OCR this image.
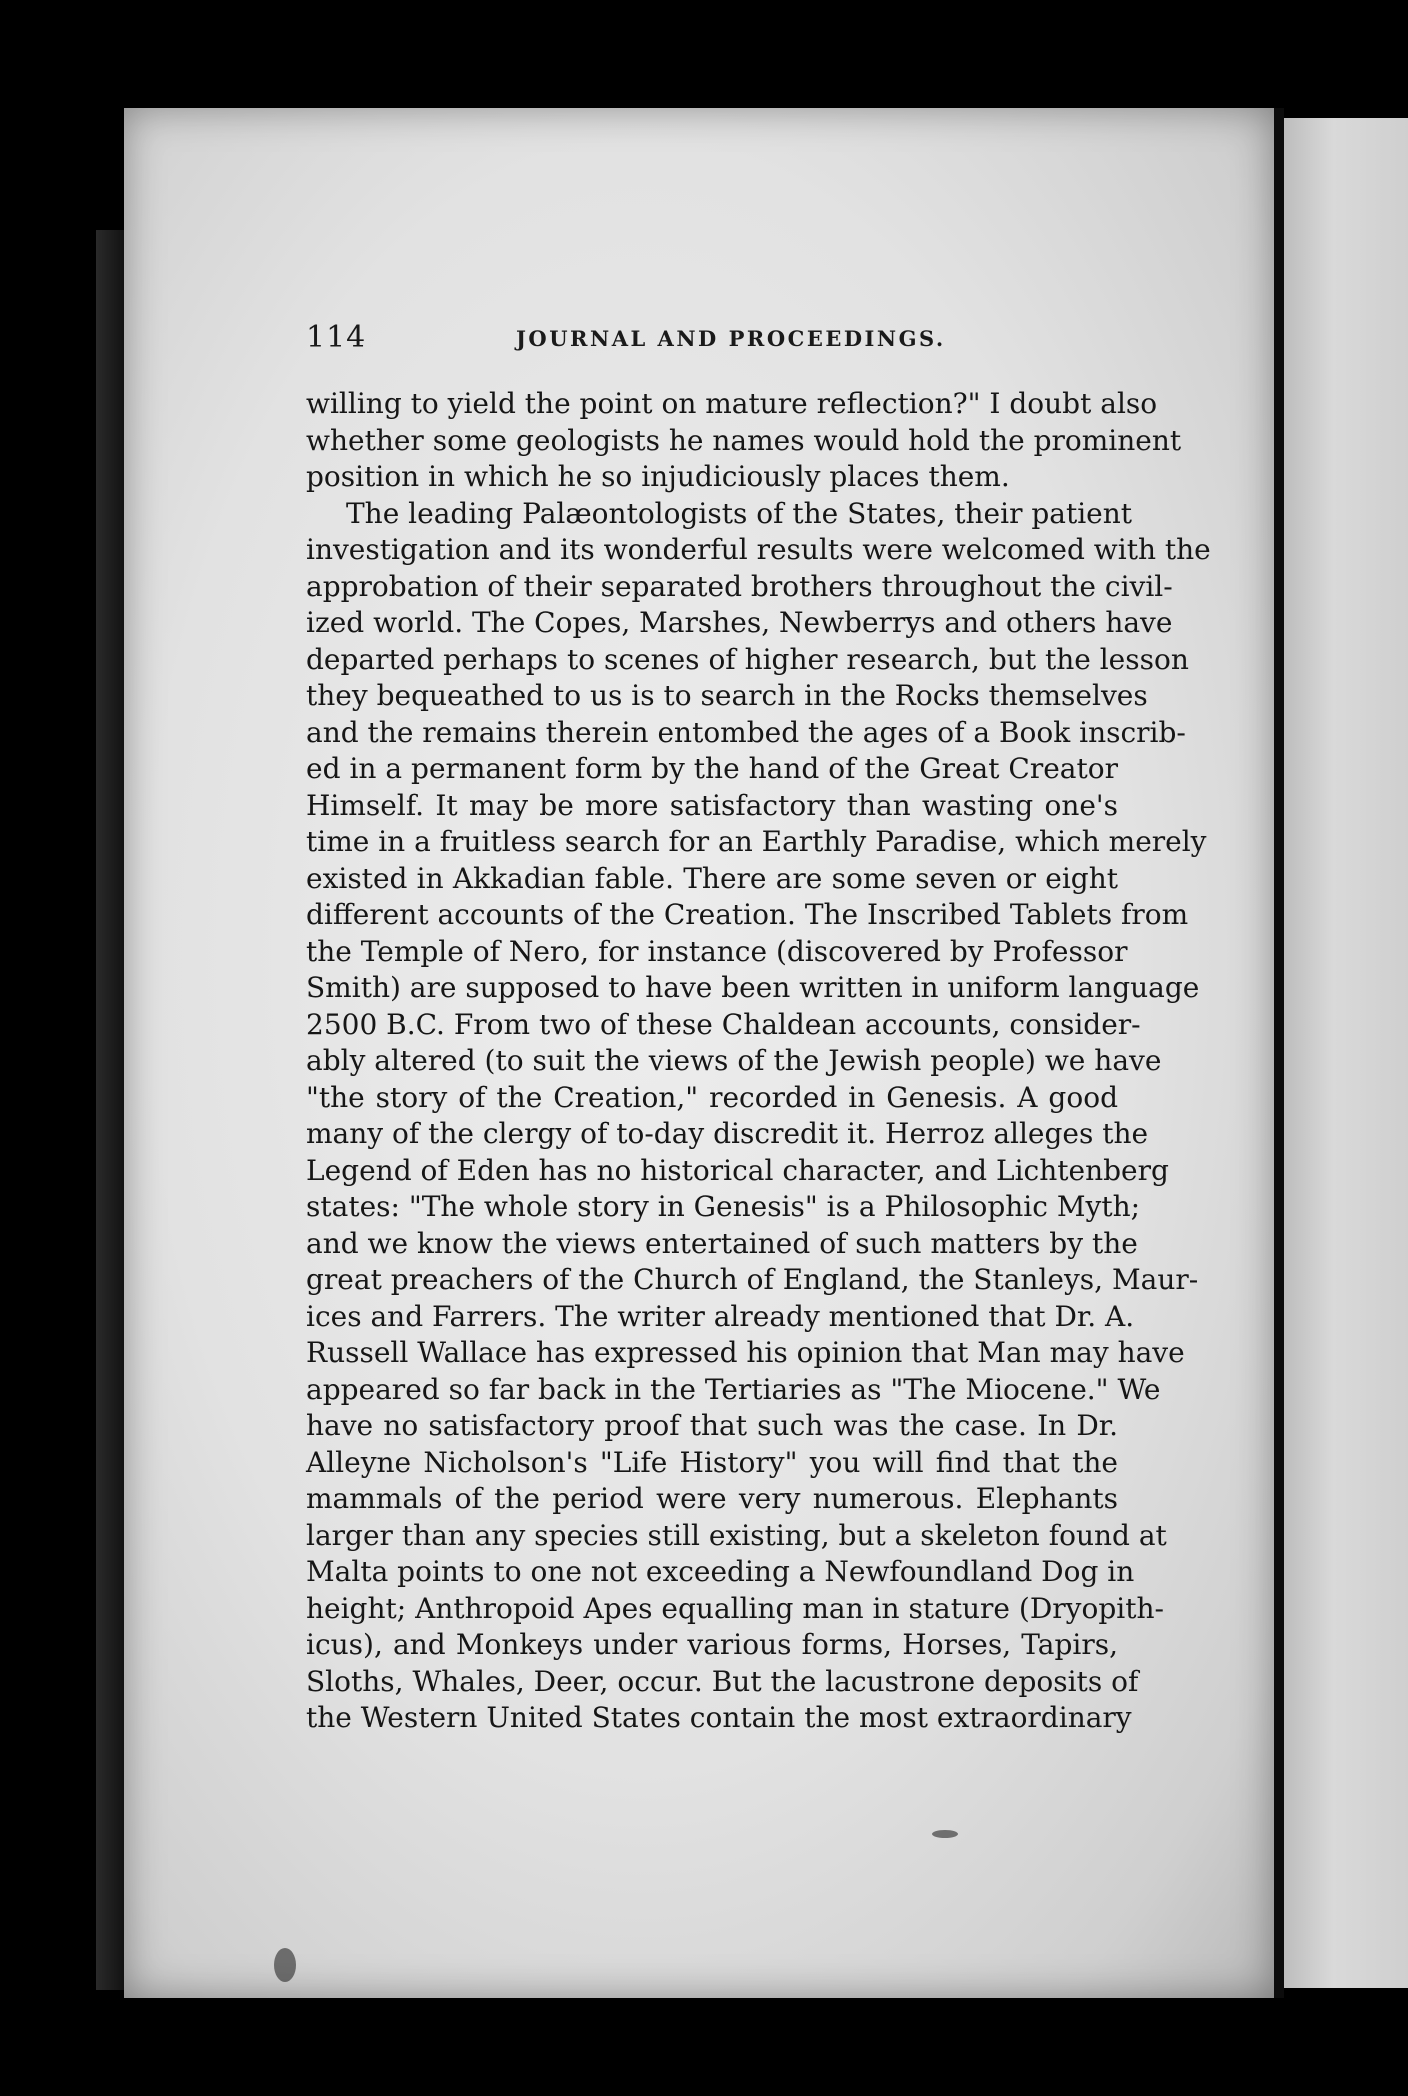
114	JOURNAL AND PROCEEDINGS.
willing to yield the point on mature reflection?" I doubt also
whether some geologists he names would hold the prominent
position in which he so injudiciously places them.
The leading Palæontologists of the States, their patient
investigation and its wonderful results were welcomed with the
approbation of their separated brothers throughout the civil-
ized world. The Copes, Marshes, Newberrys and others have
departed perhaps to scenes of higher research, but the lesson
they bequeathed to us is to search in the Rocks themselves
and the remains therein entombed the ages of a Book inscrib-
ed in a permanent form by the hand of the Great Creator
Himself. It may be more satisfactory than wasting one's
time in a fruitless search for an Earthly Paradise, which merely
existed in Akkadian fable. There are some seven or eight
different accounts of the Creation. The Inscribed Tablets from
the Temple of Nero, for instance (discovered by Professor
Smith) are supposed to have been written in uniform language
2500 B.C. From two of these Chaldean accounts, consider-
ably altered (to suit the views of the Jewish people) we have
"the story of the Creation," recorded in Genesis. A good
many of the clergy of to-day discredit it. Herroz alleges the
Legend of Eden has no historical character, and Lichtenberg
states: "The whole story in Genesis" is a Philosophic Myth;
and we know the views entertained of such matters by the
great preachers of the Church of England, the Stanleys, Maur-
ices and Farrers. The writer already mentioned that Dr. A.
Russell Wallace has expressed his opinion that Man may have
appeared so far back in the Tertiaries as "The Miocene." We
have no satisfactory proof that such was the case. In Dr.
Alleyne Nicholson's "Life History" you will find that the
mammals of the period were very numerous. Elephants
larger than any species still existing, but a skeleton found at
Malta points to one not exceeding a Newfoundland Dog in
height; Anthropoid Apes equalling man in stature (Dryopith-
icus), and Monkeys under various forms, Horses, Tapirs,
Sloths, Whales, Deer, occur. But the lacustrone deposits of
the Western United States contain the most extraordinary
